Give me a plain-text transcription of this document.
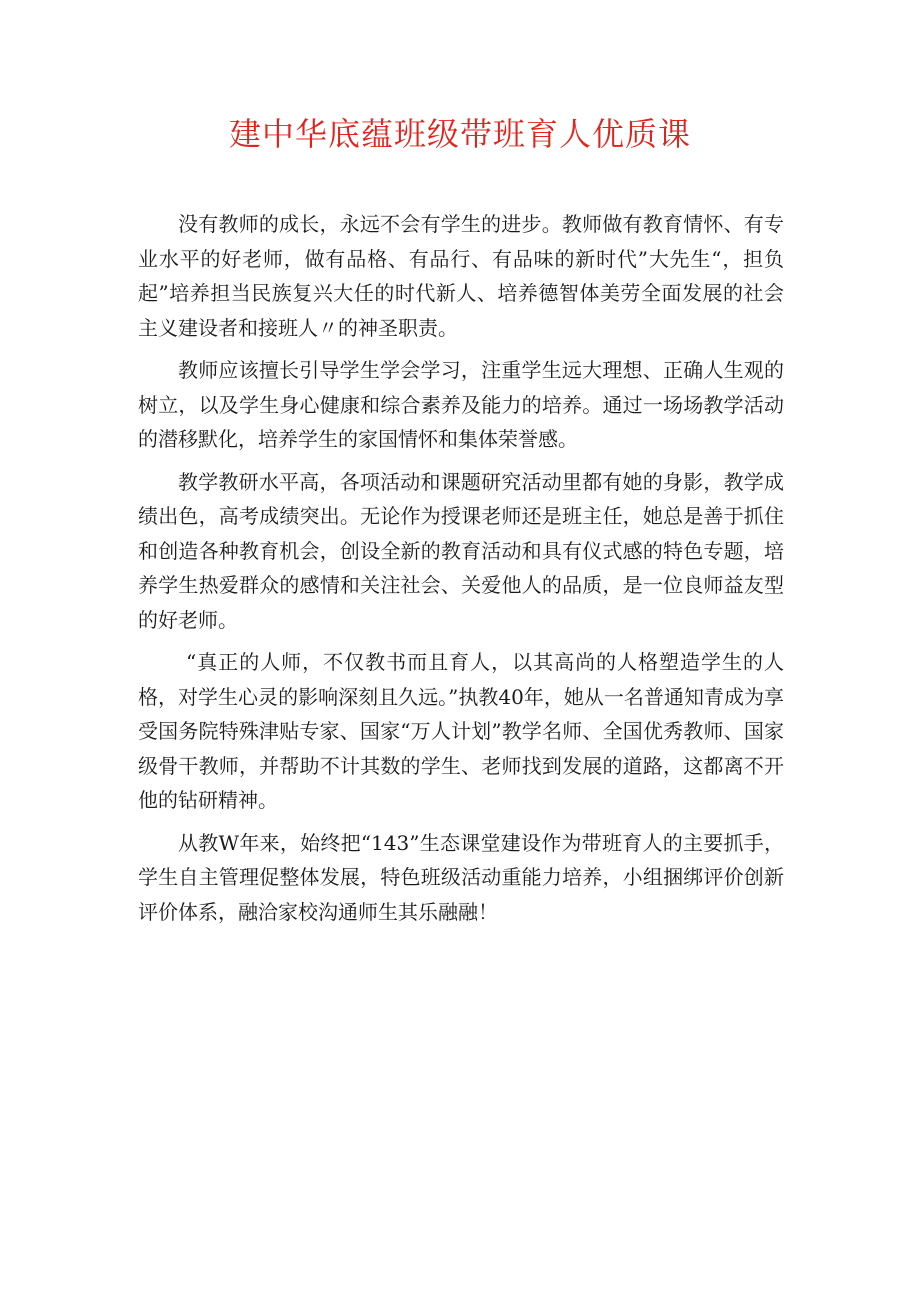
建中华底蕴班级带班育人优质课

没有教师的成长，永远不会有学生的进步。教师做有教育情怀、有专业水平的好老师，做有品格、有品行、有品味的新时代”大先生“，担负起”培养担当民族复兴大任的时代新人、培养德智体美劳全面发展的社会主义建设者和接班人〃的神圣职责。

教师应该擅长引导学生学会学习，注重学生远大理想、正确人生观的树立，以及学生身心健康和综合素养及能力的培养。通过一场场教学活动的潜移默化，培养学生的家国情怀和集体荣誉感。

教学教研水平高，各项活动和课题研究活动里都有她的身影，教学成绩出色，高考成绩突出。无论作为授课老师还是班主任，她总是善于抓住和创造各种教育机会，创设全新的教育活动和具有仪式感的特色专题，培养学生热爱群众的感情和关注社会、关爱他人的品质，是一位良师益友型的好老师。

“真正的人师，不仅教书而且育人，以其高尚的人格塑造学生的人格，对学生心灵的影响深刻且久远。”执教40年，她从一名普通知青成为享受国务院特殊津贴专家、国家“万人计划”教学名师、全国优秀教师、国家级骨干教师，并帮助不计其数的学生、老师找到发展的道路，这都离不开他的钻研精神。

从教W年来，始终把“143”生态课堂建设作为带班育人的主要抓手，学生自主管理促整体发展，特色班级活动重能力培养，小组捆绑评价创新评价体系，融洽家校沟通师生其乐融融！
